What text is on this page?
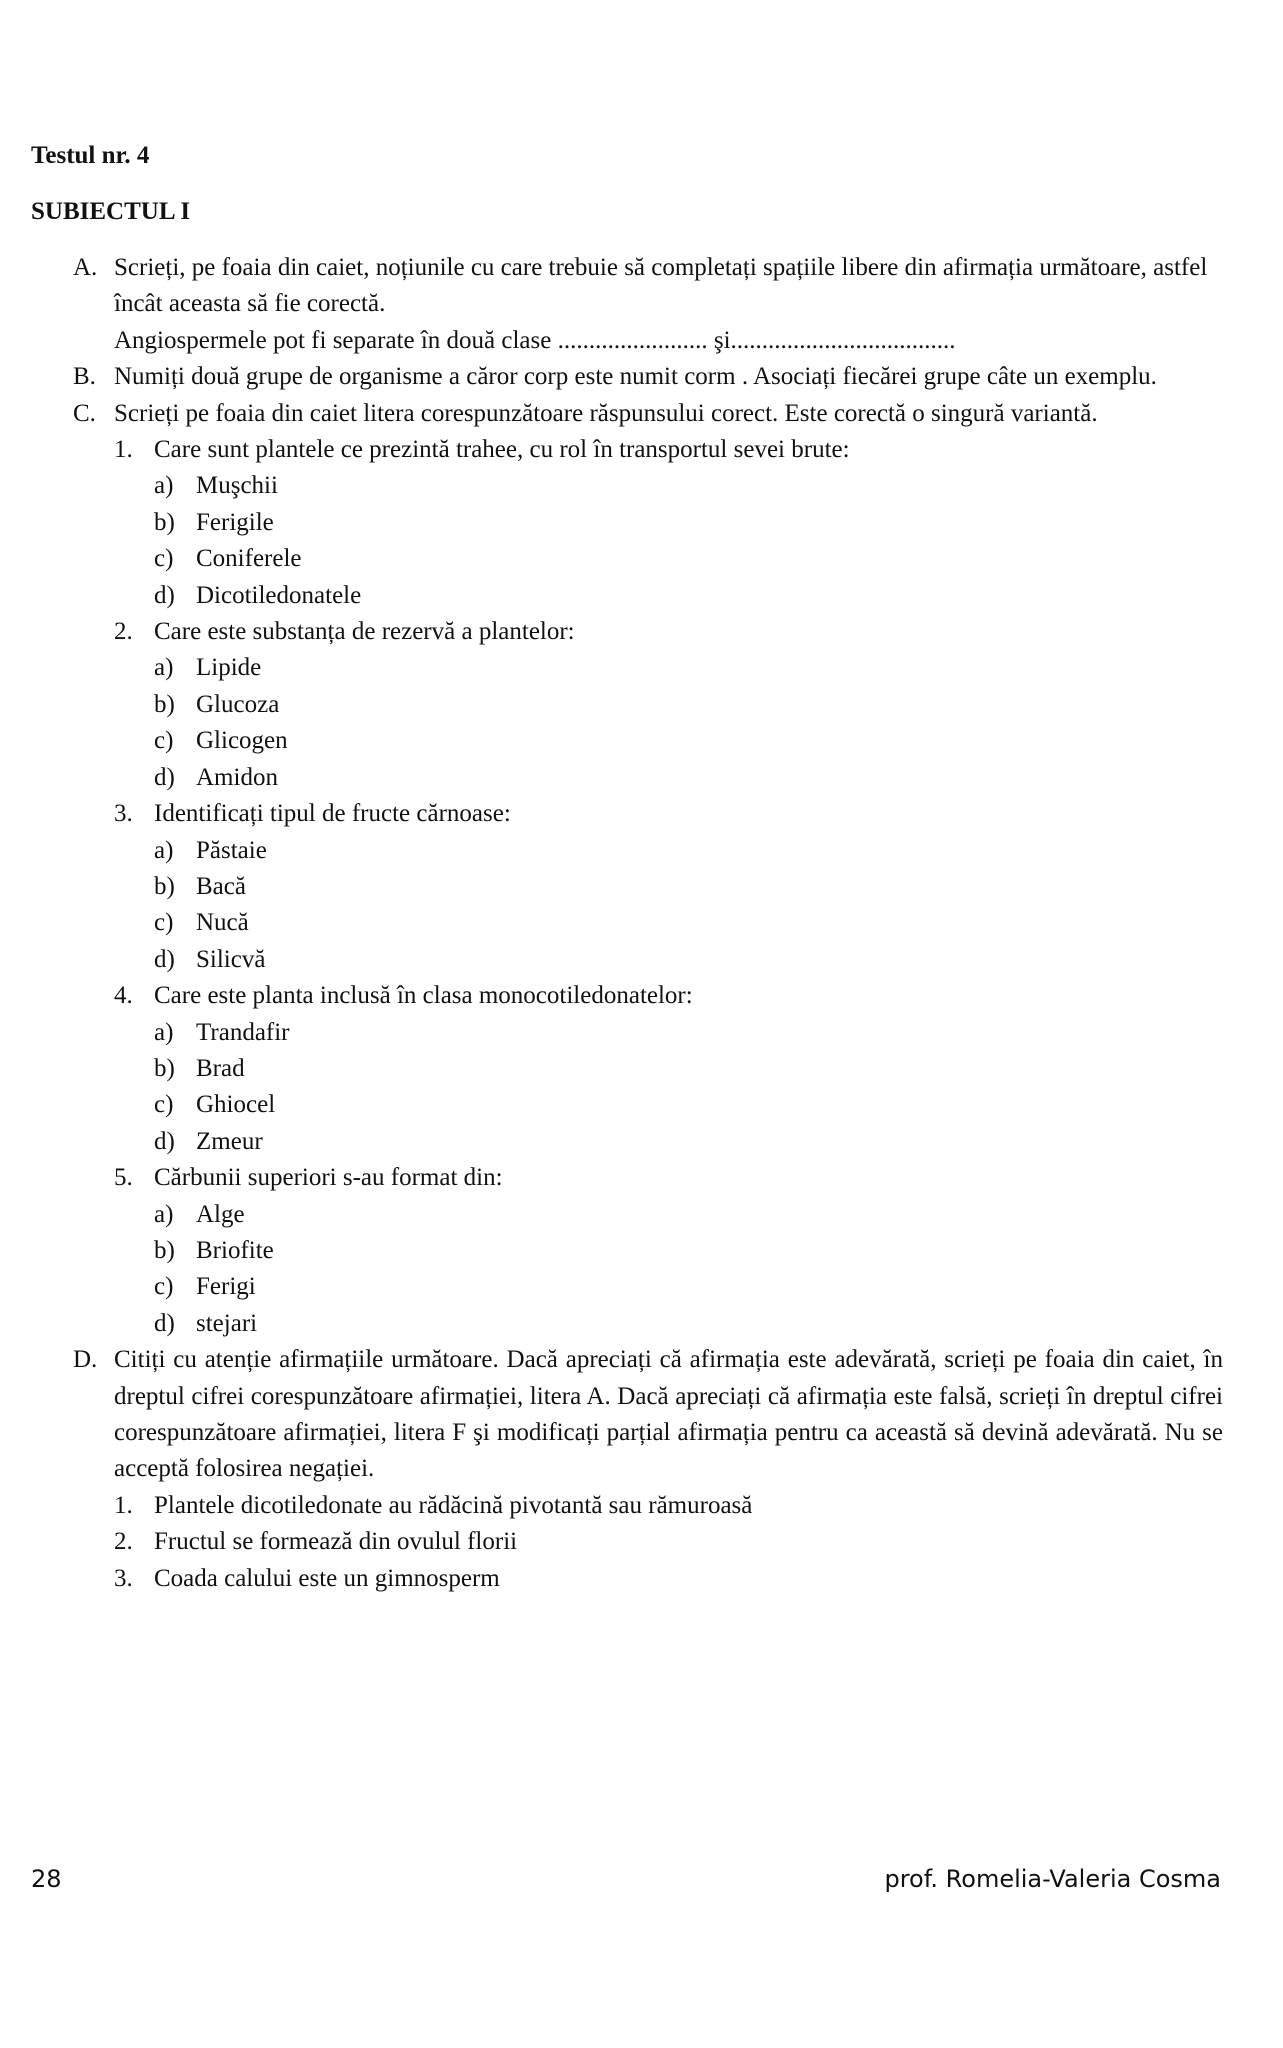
Testul nr. 4
SUBIECTUL I
A. Scrieți, pe foaia din caiet, noțiunile cu care trebuie să completați spațiile libere din afirmația următoare, astfel încât aceasta să fie corectă.
Angiospermele pot fi separate în două clase ........................ şi....................................
B. Numiți două grupe de organisme a căror corp este numit corm . Asociați fiecărei grupe câte un exemplu.
C. Scrieți pe foaia din caiet litera corespunzătoare răspunsului corect. Este corectă o singură variantă.
1. Care sunt plantele ce prezintă trahee, cu rol în transportul sevei brute:
a) Muşchii
b) Ferigile
c) Coniferele
d) Dicotiledonatele
2. Care este substanța de rezervă a plantelor:
a) Lipide
b) Glucoza
c) Glicogen
d) Amidon
3. Identificați tipul de fructe cărnoase:
a) Păstaie
b) Bacă
c) Nucă
d) Silicvă
4. Care este planta inclusă în clasa monocotiledonatelor:
a) Trandafir
b) Brad
c) Ghiocel
d) Zmeur
5. Cărbunii superiori s-au format din:
a) Alge
b) Briofite
c) Ferigi
d) stejari
D. Citiți cu atenție afirmațiile următoare. Dacă apreciați că afirmația este adevărată, scrieți pe foaia din caiet, în dreptul cifrei corespunzătoare afirmației, litera A. Dacă apreciați că afirmația este falsă, scrieți în dreptul cifrei corespunzătoare afirmației, litera F şi modificați parțial afirmația pentru ca această să devină adevărată. Nu se acceptă folosirea negației.
1. Plantele dicotiledonate au rădăcină pivotantă sau rămuroasă
2. Fructul se formează din ovulul florii
3. Coada calului este un gimnosperm
28	prof. Romelia-Valeria Cosma
